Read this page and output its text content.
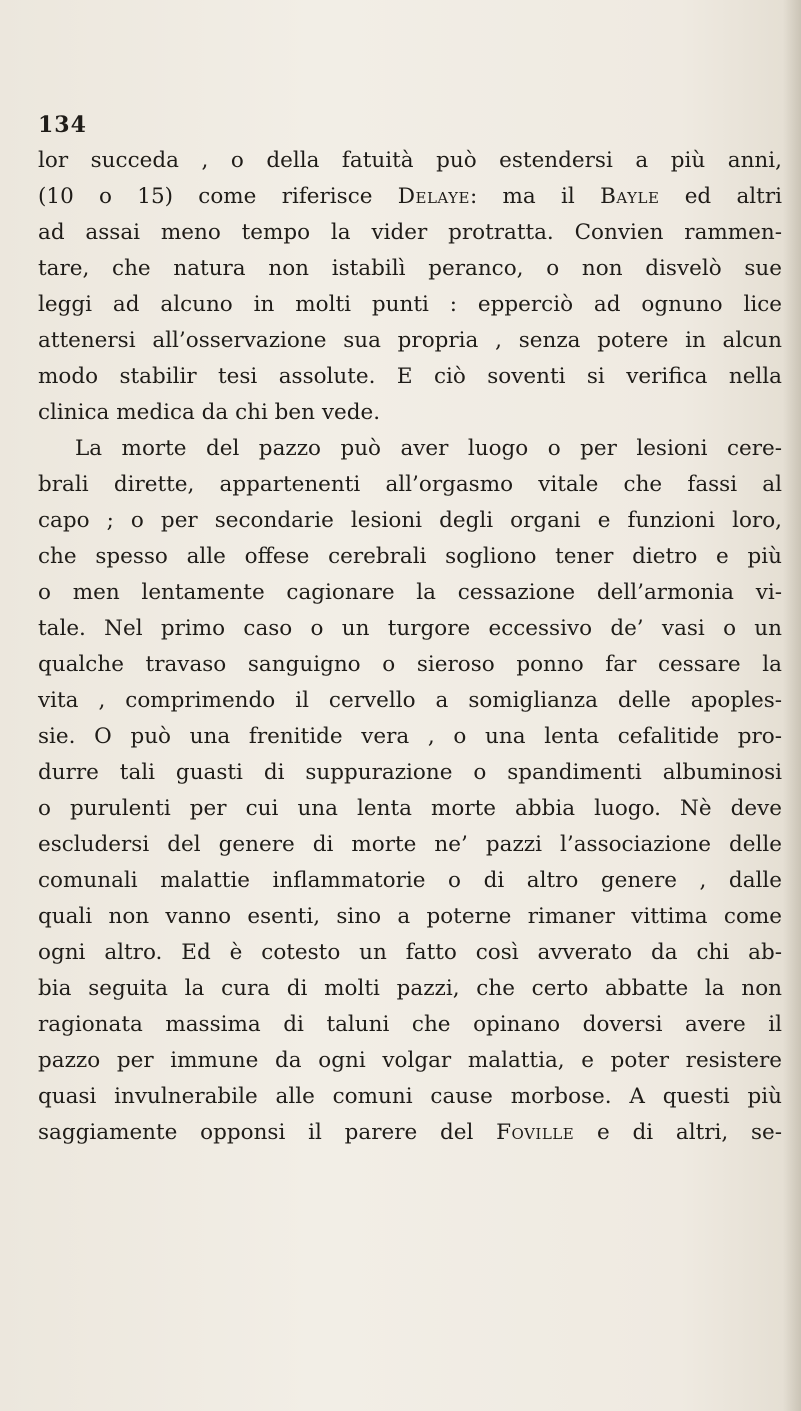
134
lor succeda , o della fatuità può estendersi a più anni,
(10 o 15) come riferisce Delaye: ma il Bayle ed altri
ad assai meno tempo la vider protratta. Convien rammen-
tare, che natura non istabilì peranco, o non disvelò sue
leggi ad alcuno in molti punti : epperciò ad ognuno lice
attenersi all’osservazione sua propria , senza potere in alcun
modo stabilir tesi assolute. E ciò soventi si verifica nella
clinica medica da chi ben vede.
La morte del pazzo può aver luogo o per lesioni cere-
brali dirette, appartenenti all’orgasmo vitale che fassi al
capo ; o per secondarie lesioni degli organi e funzioni loro,
che spesso alle offese cerebrali sogliono tener dietro e più
o men lentamente cagionare la cessazione dell’armonia vi-
tale. Nel primo caso o un turgore eccessivo de’ vasi o un
qualche travaso sanguigno o sieroso ponno far cessare la
vita , comprimendo il cervello a somiglianza delle apoples-
sie. O può una frenitide vera , o una lenta cefalitide pro-
durre tali guasti di suppurazione o spandimenti albuminosi
o purulenti per cui una lenta morte abbia luogo. Nè deve
escludersi del genere di morte ne’ pazzi l’associazione delle
comunali malattie inflammatorie o di altro genere , dalle
quali non vanno esenti, sino a poterne rimaner vittima come
ogni altro. Ed è cotesto un fatto così avverato da chi ab-
bia seguita la cura di molti pazzi, che certo abbatte la non
ragionata massima di taluni che opinano doversi avere il
pazzo per immune da ogni volgar malattia, e poter resistere
quasi invulnerabile alle comuni cause morbose. A questi più
saggiamente opponsi il parere del Foville e di altri, se-
